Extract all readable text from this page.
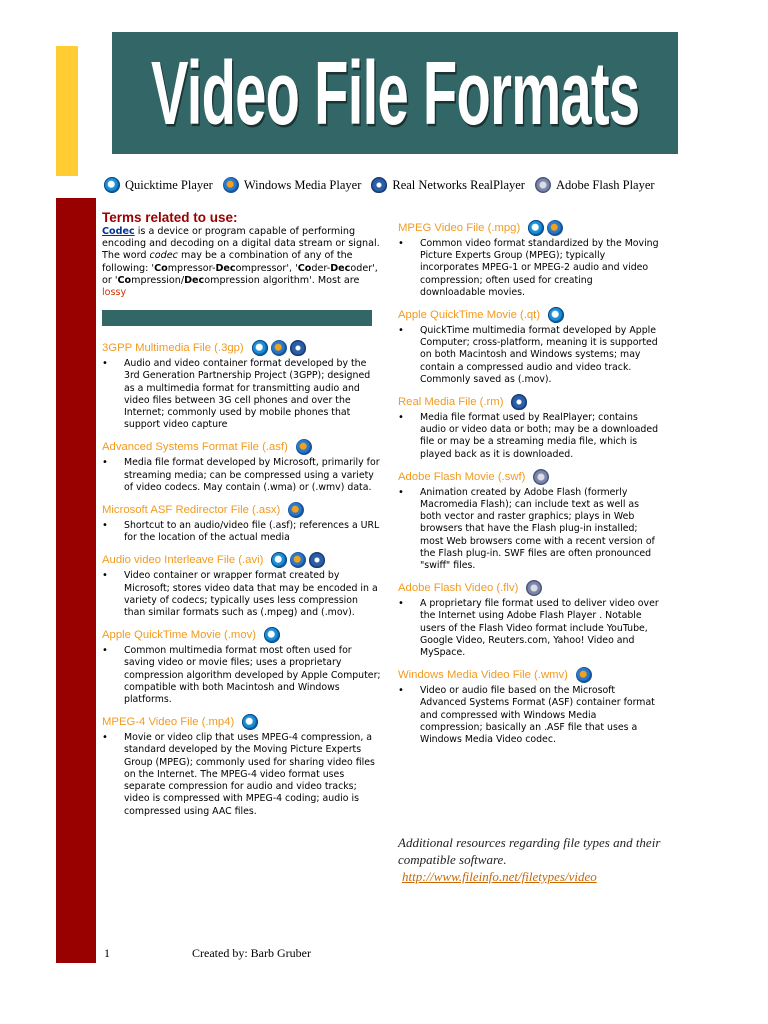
Video File Formats
Quicktime Player Windows Media Player Real Networks RealPlayer Adobe Flash Player

Terms related to use:

Codec is a device or program capable of performing encoding and decoding on a digital data stream or signal. The word codec may be a combination of any of the following: 'Compressor-Decompressor', 'Coder-Decoder', or 'Compression/Decompression algorithm'. Most are lossy

3GPP Multimedia File (.3gp)
•	Audio and video container format developed by the 3rd Generation Partnership Project (3GPP); designed as a multimedia format for transmitting audio and video files between 3G cell phones and over the Internet; commonly used by mobile phones that support video capture
Advanced Systems Format File (.asf)
•	Media file format developed by Microsoft, primarily for streaming media; can be compressed using a variety of video codecs. May contain (.wma) or (.wmv) data.
Microsoft ASF Redirector File (.asx)
•	Shortcut to an audio/video file (.asf); references a URL for the location of the actual media
Audio video Interleave File (.avi)
•	Video container or wrapper format created by Microsoft; stores video data that may be encoded in a variety of codecs; typically uses less compression than similar formats such as (.mpeg) and (.mov).
Apple QuickTime Movie (.mov)
•	Common multimedia format most often used for saving video or movie files; uses a proprietary compression algorithm developed by Apple Computer; compatible with both Macintosh and Windows platforms.
MPEG-4 Video File (.mp4)
•	Movie or video clip that uses MPEG-4 compression, a standard developed by the Moving Picture Experts Group (MPEG); commonly used for sharing video files on the Internet. The MPEG-4 video format uses separate compression for audio and video tracks; video is compressed with MPEG-4 coding; audio is compressed using AAC files.
MPEG Video File (.mpg)
•	Common video format standardized by the Moving Picture Experts Group (MPEG); typically incorporates MPEG-1 or MPEG-2 audio and video compression; often used for creating downloadable movies.
Apple QuickTime Movie (.qt)
•	QuickTime multimedia format developed by Apple Computer; cross-platform, meaning it is supported on both Macintosh and Windows systems; may contain a compressed audio and video track. Commonly saved as (.mov).
Real Media File (.rm)
•	Media file format used by RealPlayer; contains audio or video data or both; may be a downloaded file or may be a streaming media file, which is played back as it is downloaded.
Adobe Flash Movie (.swf)
•	Animation created by Adobe Flash (formerly Macromedia Flash); can include text as well as both vector and raster graphics; plays in Web browsers that have the Flash plug-in installed; most Web browsers come with a recent version of the Flash plug-in. SWF files are often pronounced "swiff" files.
Adobe Flash Video (.flv)
•	A proprietary file format used to deliver video over the Internet using Adobe Flash Player . Notable users of the Flash Video format include YouTube, Google Video, Reuters.com, Yahoo! Video and MySpace.
Windows Media Video File (.wmv)
•	Video or audio file based on the Microsoft Advanced Systems Format (ASF) container format and compressed with Windows Media compression; basically an .ASF file that uses a Windows Media Video codec.
Additional resources regarding file types and their compatible software.
http://www.fileinfo.net/filetypes/video
1	Created by: Barb Gruber
